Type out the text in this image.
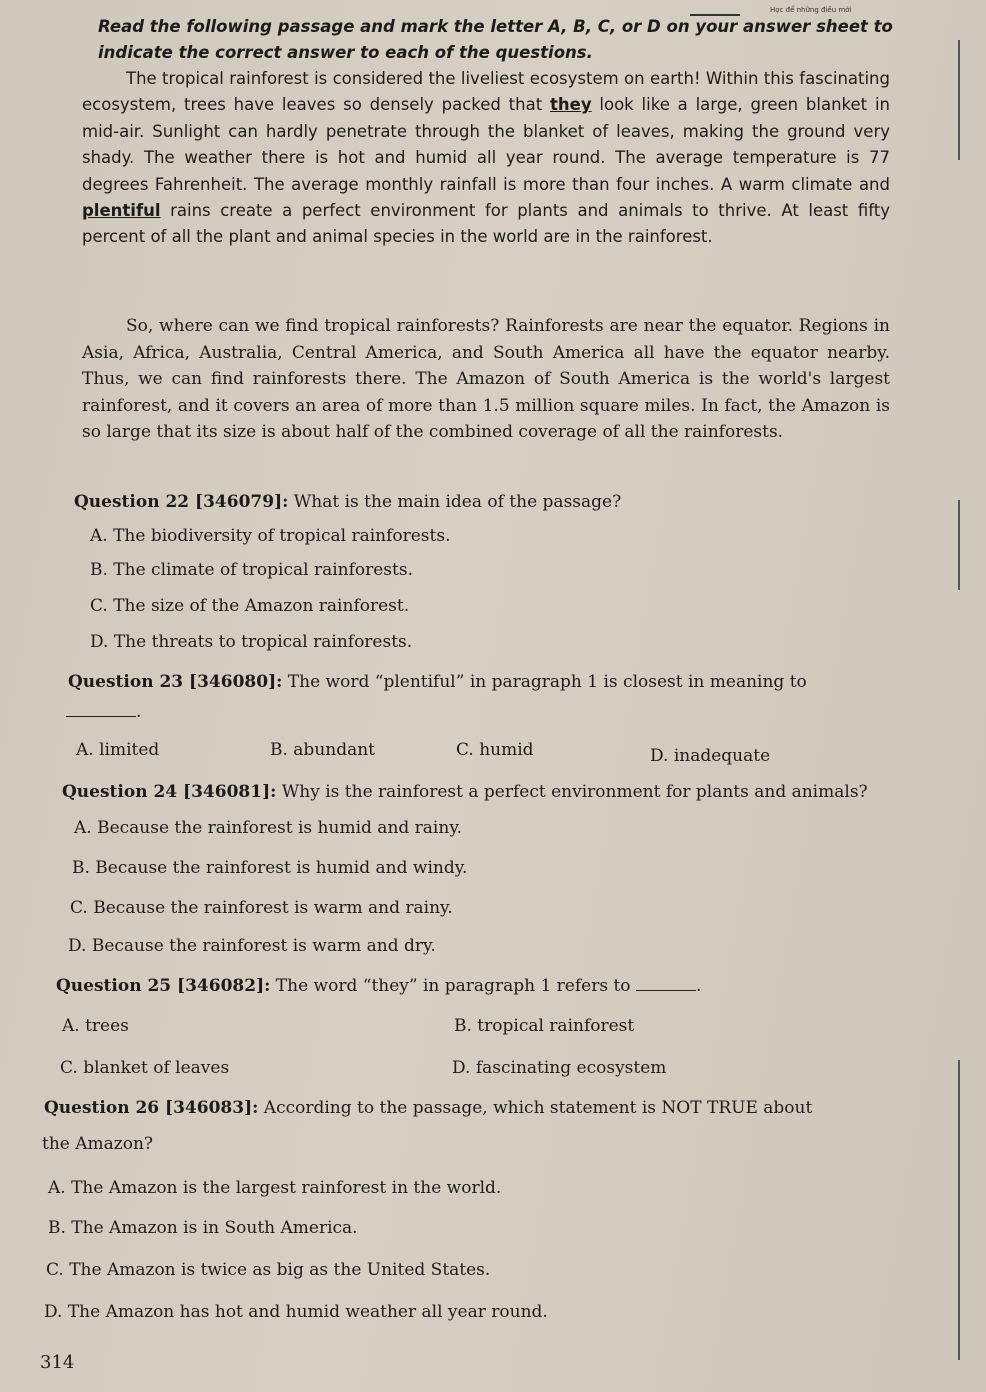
Học để những điều mới
Read the following passage and mark the letter A, B, C, or D on your answer sheet to indicate the correct answer to each of the questions.
The tropical rainforest is considered the liveliest ecosystem on earth! Within this fascinating ecosystem, trees have leaves so densely packed that they look like a large, green blanket in mid-air. Sunlight can hardly penetrate through the blanket of leaves, making the ground very shady. The weather there is hot and humid all year round. The average temperature is 77 degrees Fahrenheit. The average monthly rainfall is more than four inches. A warm climate and plentiful rains create a perfect environment for plants and animals to thrive. At least fifty percent of all the plant and animal species in the world are in the rainforest.
So, where can we find tropical rainforests? Rainforests are near the equator. Regions in Asia, Africa, Australia, Central America, and South America all have the equator nearby. Thus, we can find rainforests there. The Amazon of South America is the world's largest rainforest, and it covers an area of more than 1.5 million square miles. In fact, the Amazon is so large that its size is about half of the combined coverage of all the rainforests.
Question 22 [346079]: What is the main idea of the passage?
A. The biodiversity of tropical rainforests.
B. The climate of tropical rainforests.
C. The size of the Amazon rainforest.
D. The threats to tropical rainforests.
Question 23 [346080]: The word “plentiful” in paragraph 1 is closest in meaning to
.
A. limited	B. abundant	C. humid	D. inadequate
Question 24 [346081]: Why is the rainforest a perfect environment for plants and animals?
A. Because the rainforest is humid and rainy.
B. Because the rainforest is humid and windy.
C. Because the rainforest is warm and rainy.
D. Because the rainforest is warm and dry.
Question 25 [346082]: The word “they” in paragraph 1 refers to	.
A. trees	B. tropical rainforest
C. blanket of leaves	D. fascinating ecosystem
Question 26 [346083]: According to the passage, which statement is NOT TRUE about
the Amazon?
A. The Amazon is the largest rainforest in the world.
B. The Amazon is in South America.
C. The Amazon is twice as big as the United States.
D. The Amazon has hot and humid weather all year round.
314
